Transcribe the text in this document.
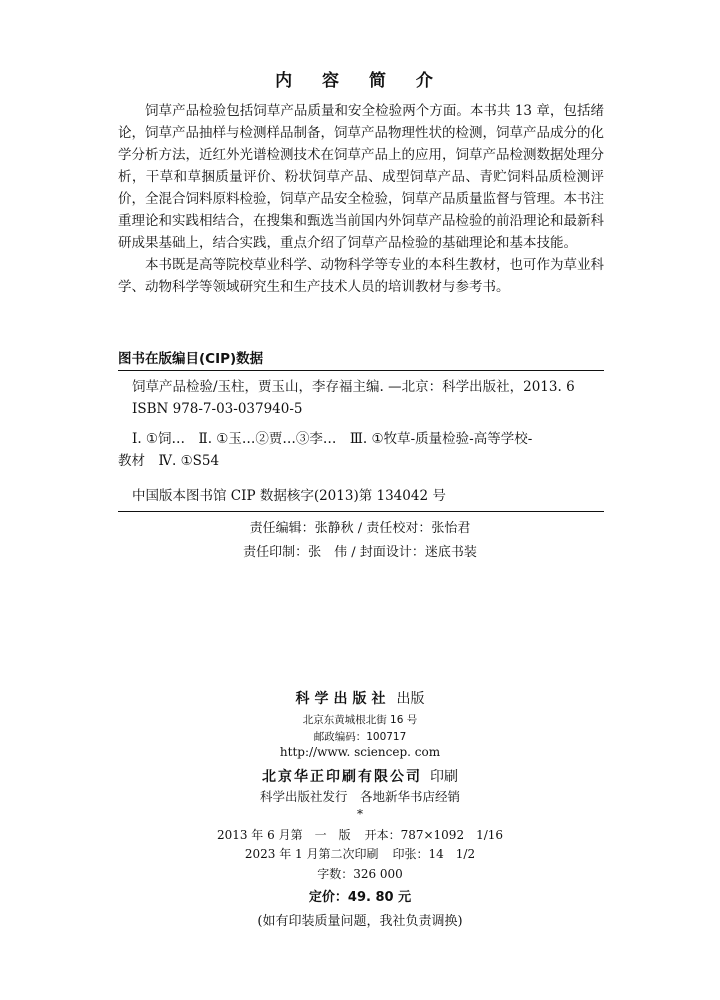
内 容 简 介

饲草产品检验包括饲草产品质量和安全检验两个方面。本书共 13 章，包括绪论，饲草产品抽样与检测样品制备，饲草产品物理性状的检测，饲草产品成分的化学分析方法，近红外光谱检测技术在饲草产品上的应用，饲草产品检测数据处理分析，干草和草捆质量评价、粉状饲草产品、成型饲草产品、青贮饲料品质检测评价，全混合饲料原料检验，饲草产品安全检验，饲草产品质量监督与管理。本书注重理论和实践相结合，在搜集和甄选当前国内外饲草产品检验的前沿理论和最新科研成果基础上，结合实践，重点介绍了饲草产品检验的基础理论和基本技能。

本书既是高等院校草业科学、动物科学等专业的本科生教材，也可作为草业科学、动物科学等领域研究生和生产技术人员的培训教材与参考书。

图书在版编目(CIP)数据
饲草产品检验/玉柱，贾玉山，李存福主编. —北京：科学出版社，2013. 6
ISBN 978-7-03-037940-5
Ⅰ. ①饲…　Ⅱ. ①玉…②贾…③李…　Ⅲ. ①牧草-质量检验-高等学校-
教材　Ⅳ. ①S54
中国版本图书馆 CIP 数据核字(2013)第 134042 号
责任编辑：张静秋 / 责任校对：张怡君
责任印制：张　伟 / 封面设计：迷底书装
科学出版社 出版
北京东黄城根北街 16 号
邮政编码：100717
http://www. sciencep. com
北京华正印刷有限公司 印刷
科学出版社发行　各地新华书店经销
*
2013 年 6 月第　一　版 开本：787×1092　1/16
2023 年 1 月第二次印刷 印张：14　1/2
字数：326 000
定价：49. 80 元
(如有印装质量问题，我社负责调换)
